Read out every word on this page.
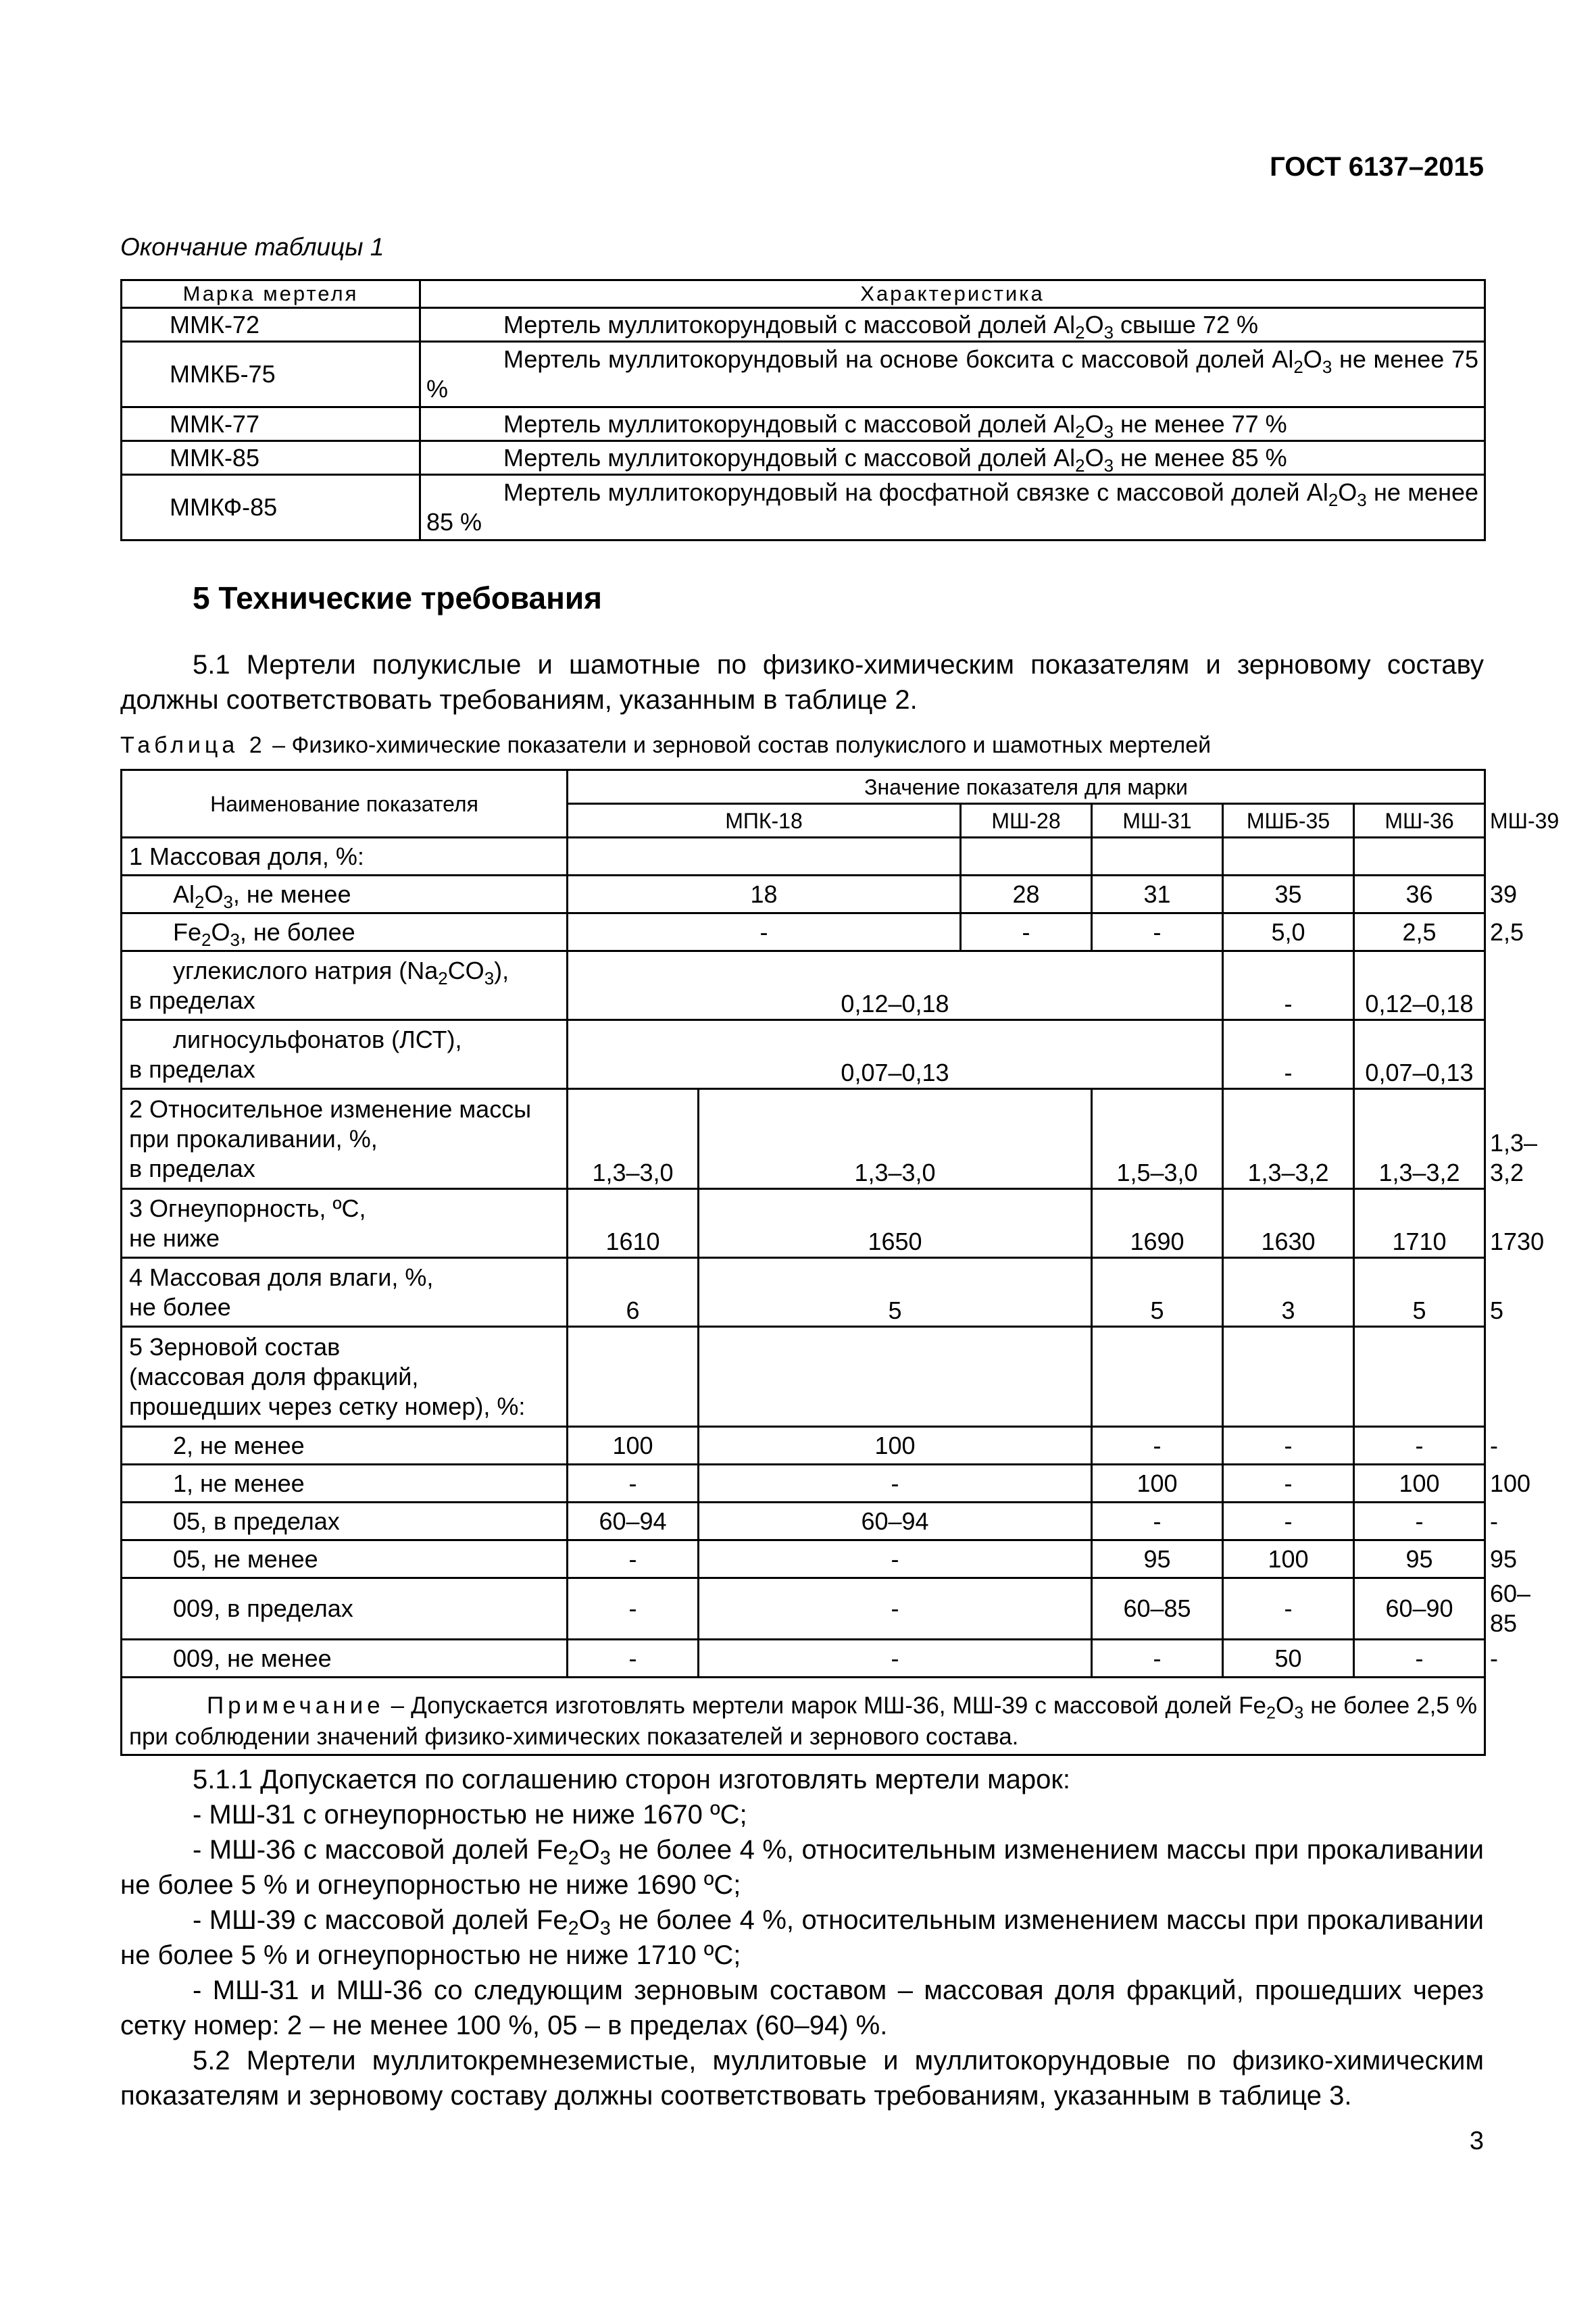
ГОСТ 6137–2015
Окончание таблицы 1
Марка мертеля	Характеристика
ММК-72	Мертель муллитокорундовый с массовой долей $Al_2O_3$ свыше 72 %
ММКБ-75	Мертель муллитокорундовый на основе боксита с массовой долей $Al_2O_3$ не менее 75 %
ММК-77	Мертель муллитокорундовый с массовой долей $Al_2O_3$ не менее 77 %
ММК-85	Мертель муллитокорундовый с массовой долей $Al_2O_3$ не менее 85 %
ММКФ-85	Мертель муллитокорундовый на фосфатной связке с массовой долей $Al_2O_3$ не менее 85 %
5 Технические требования
5.1 Мертели полукислые и шамотные по физико-химическим показателям и зерновому составу должны соответствовать требованиям, указанным в таблице 2.
Таблица 2 – Физико-химические показатели и зерновой состав полукислого и шамотных мертелей
Наименование показателя	Значение показателя для марки						
	МПК-18		МШ-28	МШ-31	МШБ-35	МШ-36	МШ-39
1 Массовая доля, %:							
$Al_2O_3$, не менее	18		28	31	35	36	39
$Fe_2O_3$, не более	-		-	-	5,0	2,5	2,5

углекислого натрия $(Na_2CO_3)$,
в пределах	0,12–0,18				-	0,12–0,18	

лигносульфонатов (ЛСТ),
в пределах	0,07–0,13				-	0,07–0,13	

2 Относительное изменение массы
при прокаливании, %,
в пределах	1,3–3,0	1,3–3,0		1,5–3,0	1,3–3,2	1,3–3,2	1,3–3,2

3 Огнеупорность, ºС,
не ниже	1610	1650		1690	1630	1710	1730

4 Массовая доля влаги, %,
не более	6	5		5	3	5	5

5 Зерновой состав
(массовая доля фракций,
прошедших через сетку номер), %:							

2, не менее	100	100		-	-	-	-
1, не менее	-	-		100	-	100	100
05, в пределах	60–94	60–94		-	-	-	-
05, не менее	-	-		95	100	95	95
009, в пределах	-	-		60–85	-	60–90	60–85
009, не менее	-	-		-	50	-	-
Примечание – Допускается изготовлять мертели марок МШ-36, МШ-39 с массовой долей $Fe_2O_3$ не более 2,5 % при соблюдении значений физико-химических показателей и зернового состава.							
5.1.1 Допускается по соглашению сторон изготовлять мертели марок:
- МШ-31 с огнеупорностью не ниже 1670 ºС;
- МШ-36 с массовой долей $Fe_2O_3$ не более 4 %, относительным изменением массы при прокаливании не более 5 % и огнеупорностью не ниже 1690 ºС;
- МШ-39 с массовой долей $Fe_2O_3$ не более 4 %, относительным изменением массы при прокаливании не более 5 % и огнеупорностью не ниже 1710 ºС;
- МШ-31 и МШ-36 со следующим зерновым составом – массовая доля фракций, прошедших через сетку номер: 2 – не менее 100 %, 05 – в пределах (60–94) %.
5.2 Мертели муллитокремнеземистые, муллитовые и муллитокорундовые по физико-химическим показателям и зерновому составу должны соответствовать требованиям, указанным в таблице 3.
3
